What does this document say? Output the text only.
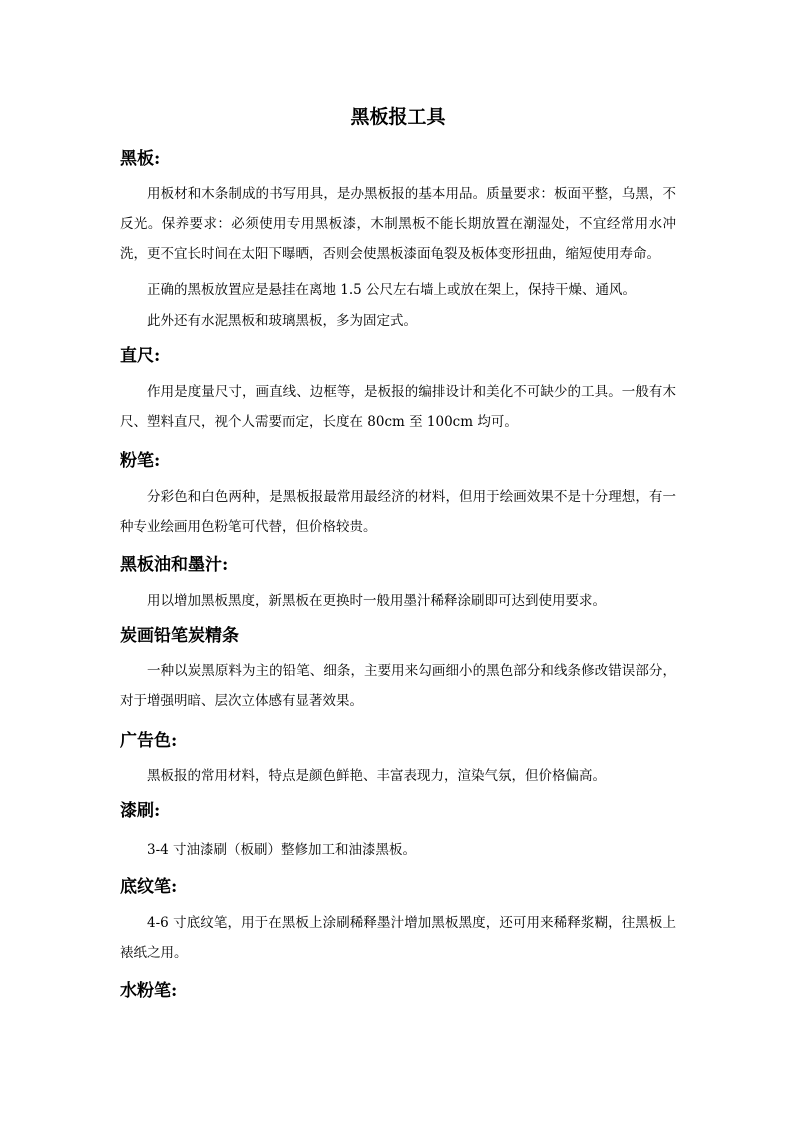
黑板报工具
黑板:

用板材和木条制成的书写用具，是办黑板报的基本用品。质量要求：板面平整，乌黑，不反光。保养要求：必须使用专用黑板漆，木制黑板不能长期放置在潮湿处，不宜经常用水冲洗，更不宜长时间在太阳下曝晒，否则会使黑板漆面龟裂及板体变形扭曲，缩短使用寿命。

正确的黑板放置应是悬挂在离地 1.5 公尺左右墙上或放在架上，保持干燥、通风。

此外还有水泥黑板和玻璃黑板，多为固定式。

直尺:

作用是度量尺寸，画直线、边框等，是板报的编排设计和美化不可缺少的工具。一般有木尺、塑料直尺，视个人需要而定，长度在 80cm 至 100cm 均可。

粉笔:

分彩色和白色两种，是黑板报最常用最经济的材料，但用于绘画效果不是十分理想，有一种专业绘画用色粉笔可代替，但价格较贵。

黑板油和墨汁:

用以增加黑板黑度，新黑板在更换时一般用墨汁稀释涂刷即可达到使用要求。

炭画铅笔炭精条

一种以炭黑原料为主的铅笔、细条，主要用来勾画细小的黑色部分和线条修改错误部分，对于增强明暗、层次立体感有显著效果。

广告色:

黑板报的常用材料，特点是颜色鲜艳、丰富表现力，渲染气氛，但价格偏高。

漆刷:

3-4 寸油漆刷（板刷）整修加工和油漆黑板。

底纹笔:

4-6 寸底纹笔，用于在黑板上涂刷稀释墨汁增加黑板黑度，还可用来稀释浆糊，往黑板上裱纸之用。

水粉笔:
